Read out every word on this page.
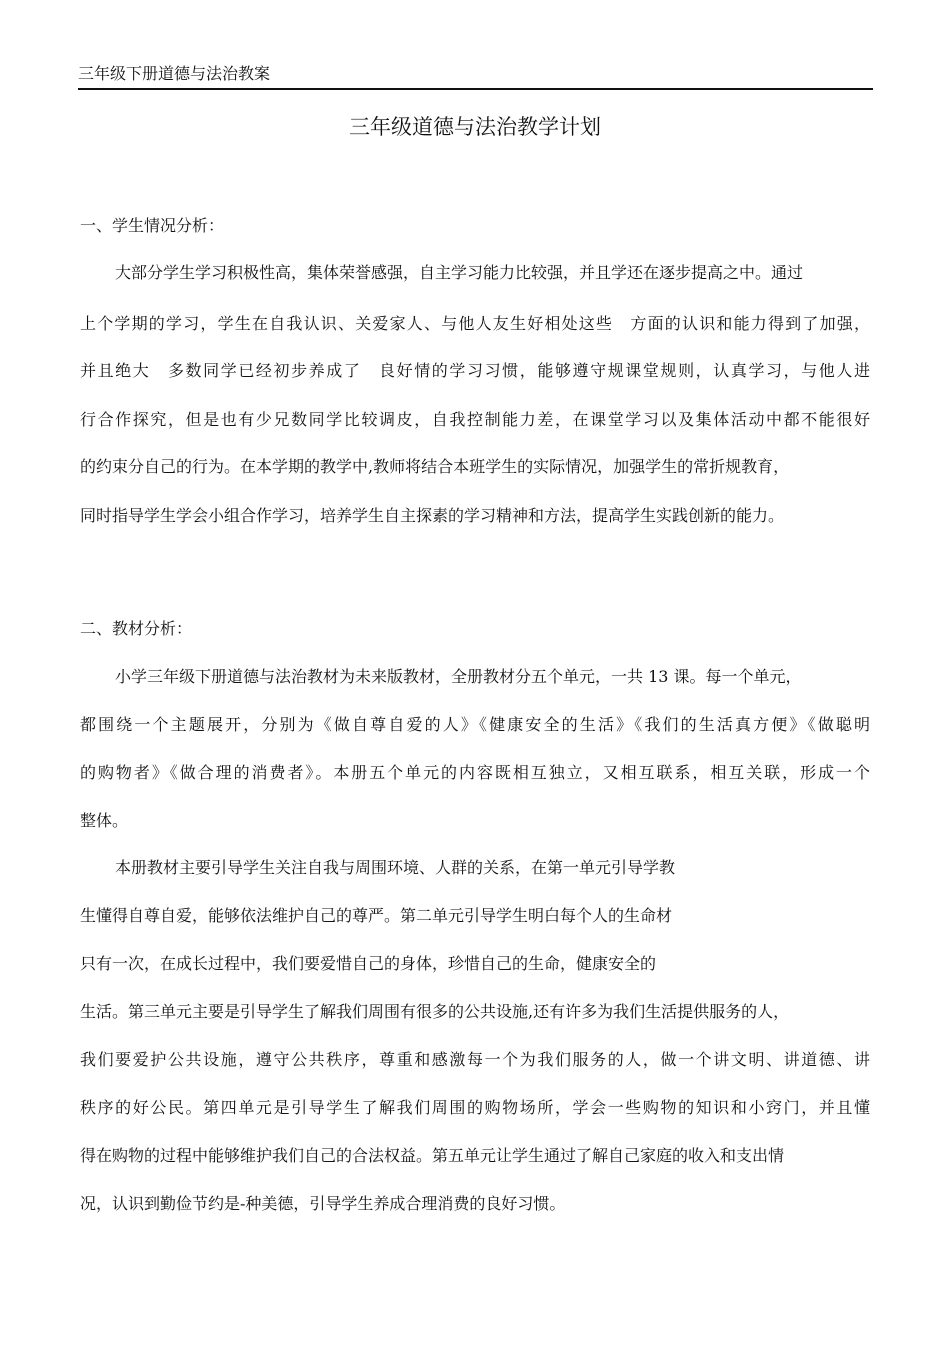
三年级下册道德与法治教案
三年级道德与法治教学计划

一、学生情况分析：

大部分学生学习积极性高，集体荣誉感强，自主学习能力比较强，并且学还在逐步提高之中。通过

上个学期的学习，学生在自我认识、关爱家人、与他人友生好相处这些　方面的认识和能力得到了加强，

并且绝大　多数同学已经初步养成了　良好情的学习习惯，能够遵守规课堂规则，认真学习，与他人进

行合作探究，但是也有少兄数同学比较调皮，自我控制能力差，在课堂学习以及集体活动中都不能很好

的约束分自己的行为。在本学期的教学中,教师将结合本班学生的实际情况，加强学生的常折规教育，

同时指导学生学会小组合作学习，培养学生自主探素的学习精神和方法，提高学生实践创新的能力。

二、教材分析：

小学三年级下册道德与法治教材为未来版教材，全册教材分五个单元，一共 13 课。每一个单元，

都围绕一个主题展开，分别为《做自尊自爱的人》《健康安全的生活》《我们的生活真方便》《做聪明

的购物者》《做合理的消费者》。本册五个单元的内容既相互独立，又相互联系，相互关联，形成一个

整体。

本册教材主要引导学生关注自我与周围环境、人群的关系，在第一单元引导学教

生懂得自尊自爱，能够依法维护自己的尊严。第二单元引导学生明白每个人的生命材

只有一次，在成长过程中，我们要爱惜自己的身体，珍惜自己的生命，健康安全的

生活。第三单元主要是引导学生了解我们周围有很多的公共设施,还有许多为我们生活提供服务的人，

我们要爱护公共设施，遵守公共秩序，尊重和感激每一个为我们服务的人，做一个讲文明、讲道德、讲

秩序的好公民。第四单元是引导学生了解我们周围的购物场所，学会一些购物的知识和小窍门，并且懂

得在购物的过程中能够维护我们自己的合法权益。第五单元让学生通过了解自己家庭的收入和支出情

况，认识到勤俭节约是-种美德，引导学生养成合理消费的良好习惯。
